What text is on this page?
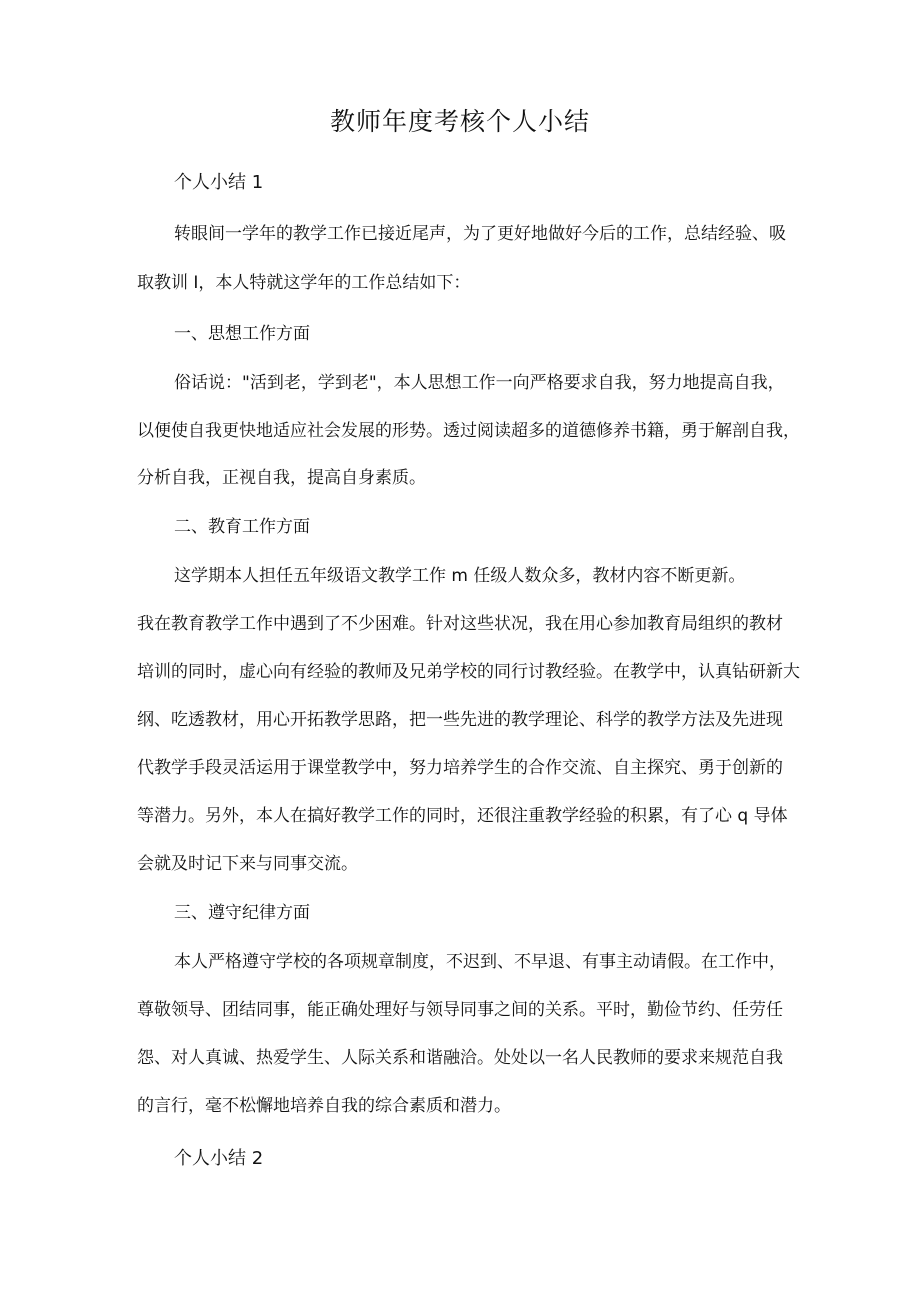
教师年度考核个人小结

个人小结 1

转眼间一学年的教学工作已接近尾声，为了更好地做好今后的工作，总结经验、吸

取教训 I，本人特就这学年的工作总结如下：

一、思想工作方面

俗话说："活到老，学到老"，本人思想工作一向严格要求自我，努力地提高自我，

以便使自我更快地适应社会发展的形势。透过阅读超多的道德修养书籍，勇于解剖自我，

分析自我，正视自我，提高自身素质。

二、教育工作方面

这学期本人担任五年级语文教学工作 m 任级人数众多，教材内容不断更新。

我在教育教学工作中遇到了不少困难。针对这些状况，我在用心参加教育局组织的教材

培训的同时，虚心向有经验的教师及兄弟学校的同行讨教经验。在教学中，认真钻研新大

纲、吃透教材，用心开拓教学思路，把一些先进的教学理论、科学的教学方法及先进现

代教学手段灵活运用于课堂教学中，努力培养学生的合作交流、自主探究、勇于创新的

等潜力。另外，本人在搞好教学工作的同时，还很注重教学经验的积累，有了心 q 导体

会就及时记下来与同事交流。

三、遵守纪律方面

本人严格遵守学校的各项规章制度，不迟到、不早退、有事主动请假。在工作中，

尊敬领导、团结同事，能正确处理好与领导同事之间的关系。平时，勤俭节约、任劳任

怨、对人真诚、热爱学生、人际关系和谐融洽。处处以一名人民教师的要求来规范自我

的言行，毫不松懈地培养自我的综合素质和潜力。

个人小结 2
